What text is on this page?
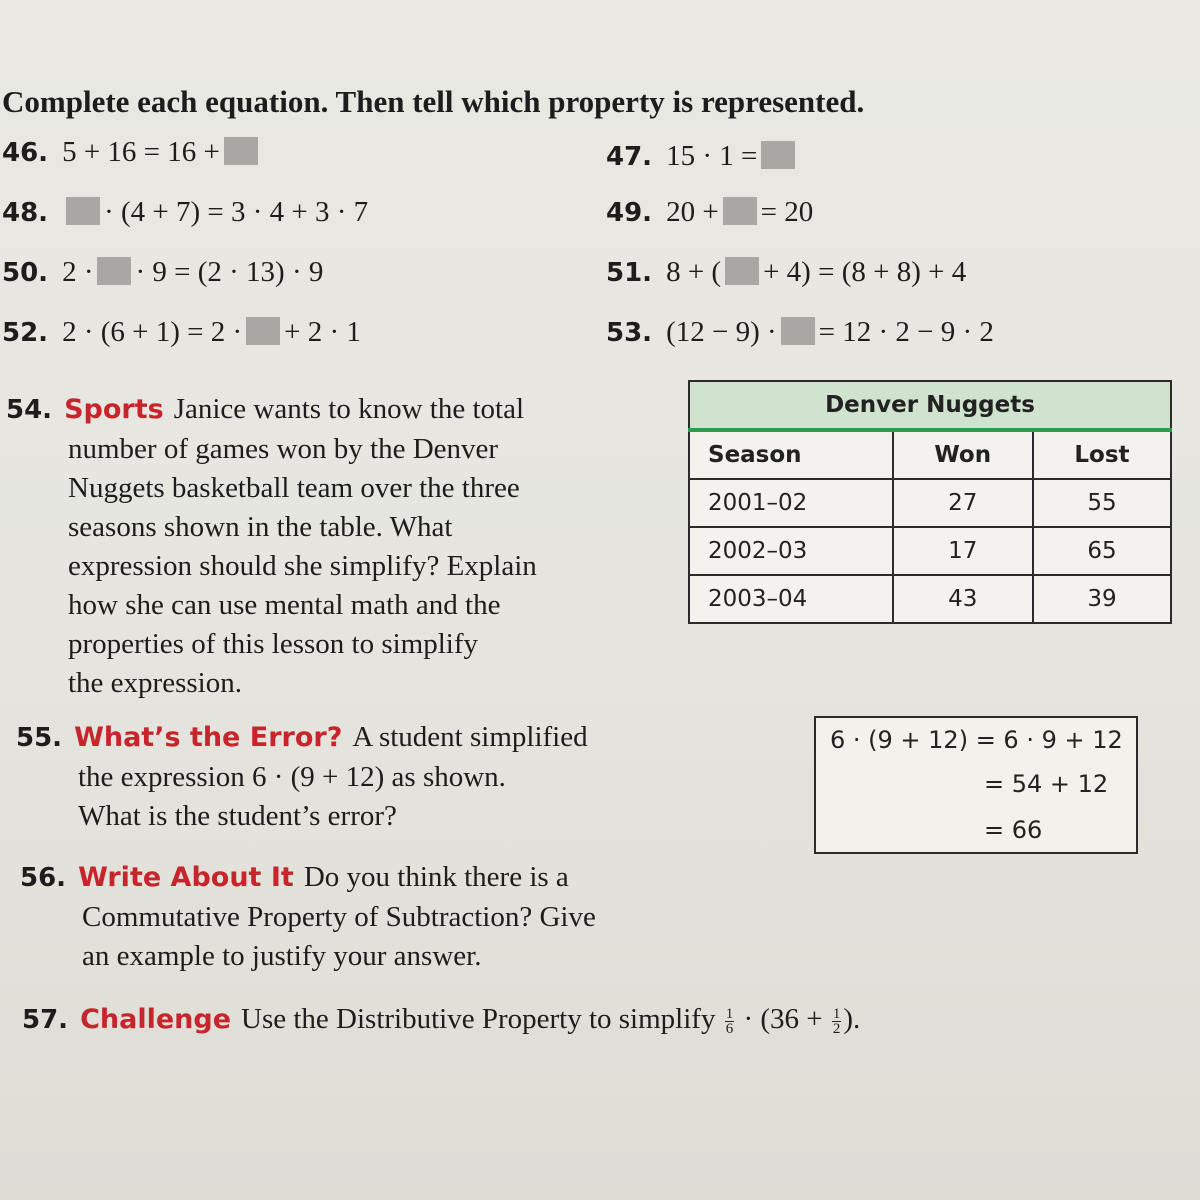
Complete each equation. Then tell which property is represented.
46. 5 + 16 = 16 +	47. 15 · 1 =
48. · (4 + 7) = 3 · 4 + 3 · 7	49. 20 + = 20
50. 2 · · 9 = (2 · 13) · 9	51. 8 + ( + 4) = (8 + 8) + 4
52. 2 · (6 + 1) = 2 · + 2 · 1	53. (12 − 9) · = 12 · 2 − 9 · 2
54. Sports Janice wants to know the total
number of games won by the Denver
Nuggets basketball team over the three
seasons shown in the table. What
expression should she simplify? Explain
how she can use mental math and the
properties of this lesson to simplify
the expression.
Denver Nuggets		
Season	Won	Lost
2001–02	27	55
2002–03	17	65
2003–04	43	39
55. What’s the Error? A student simplified
the expression 6 · (9 + 12) as shown.
What is the student’s error?
6 · (9 + 12) = 6 · 9 + 12
= 54 + 12
= 66
56. Write About It Do you think there is a
Commutative Property of Subtraction? Give
an example to justify your answer.
57. Challenge Use the Distributive Property to simplify $\frac{1}{6} \cdot (36 + \frac{1}{2}$ ).
